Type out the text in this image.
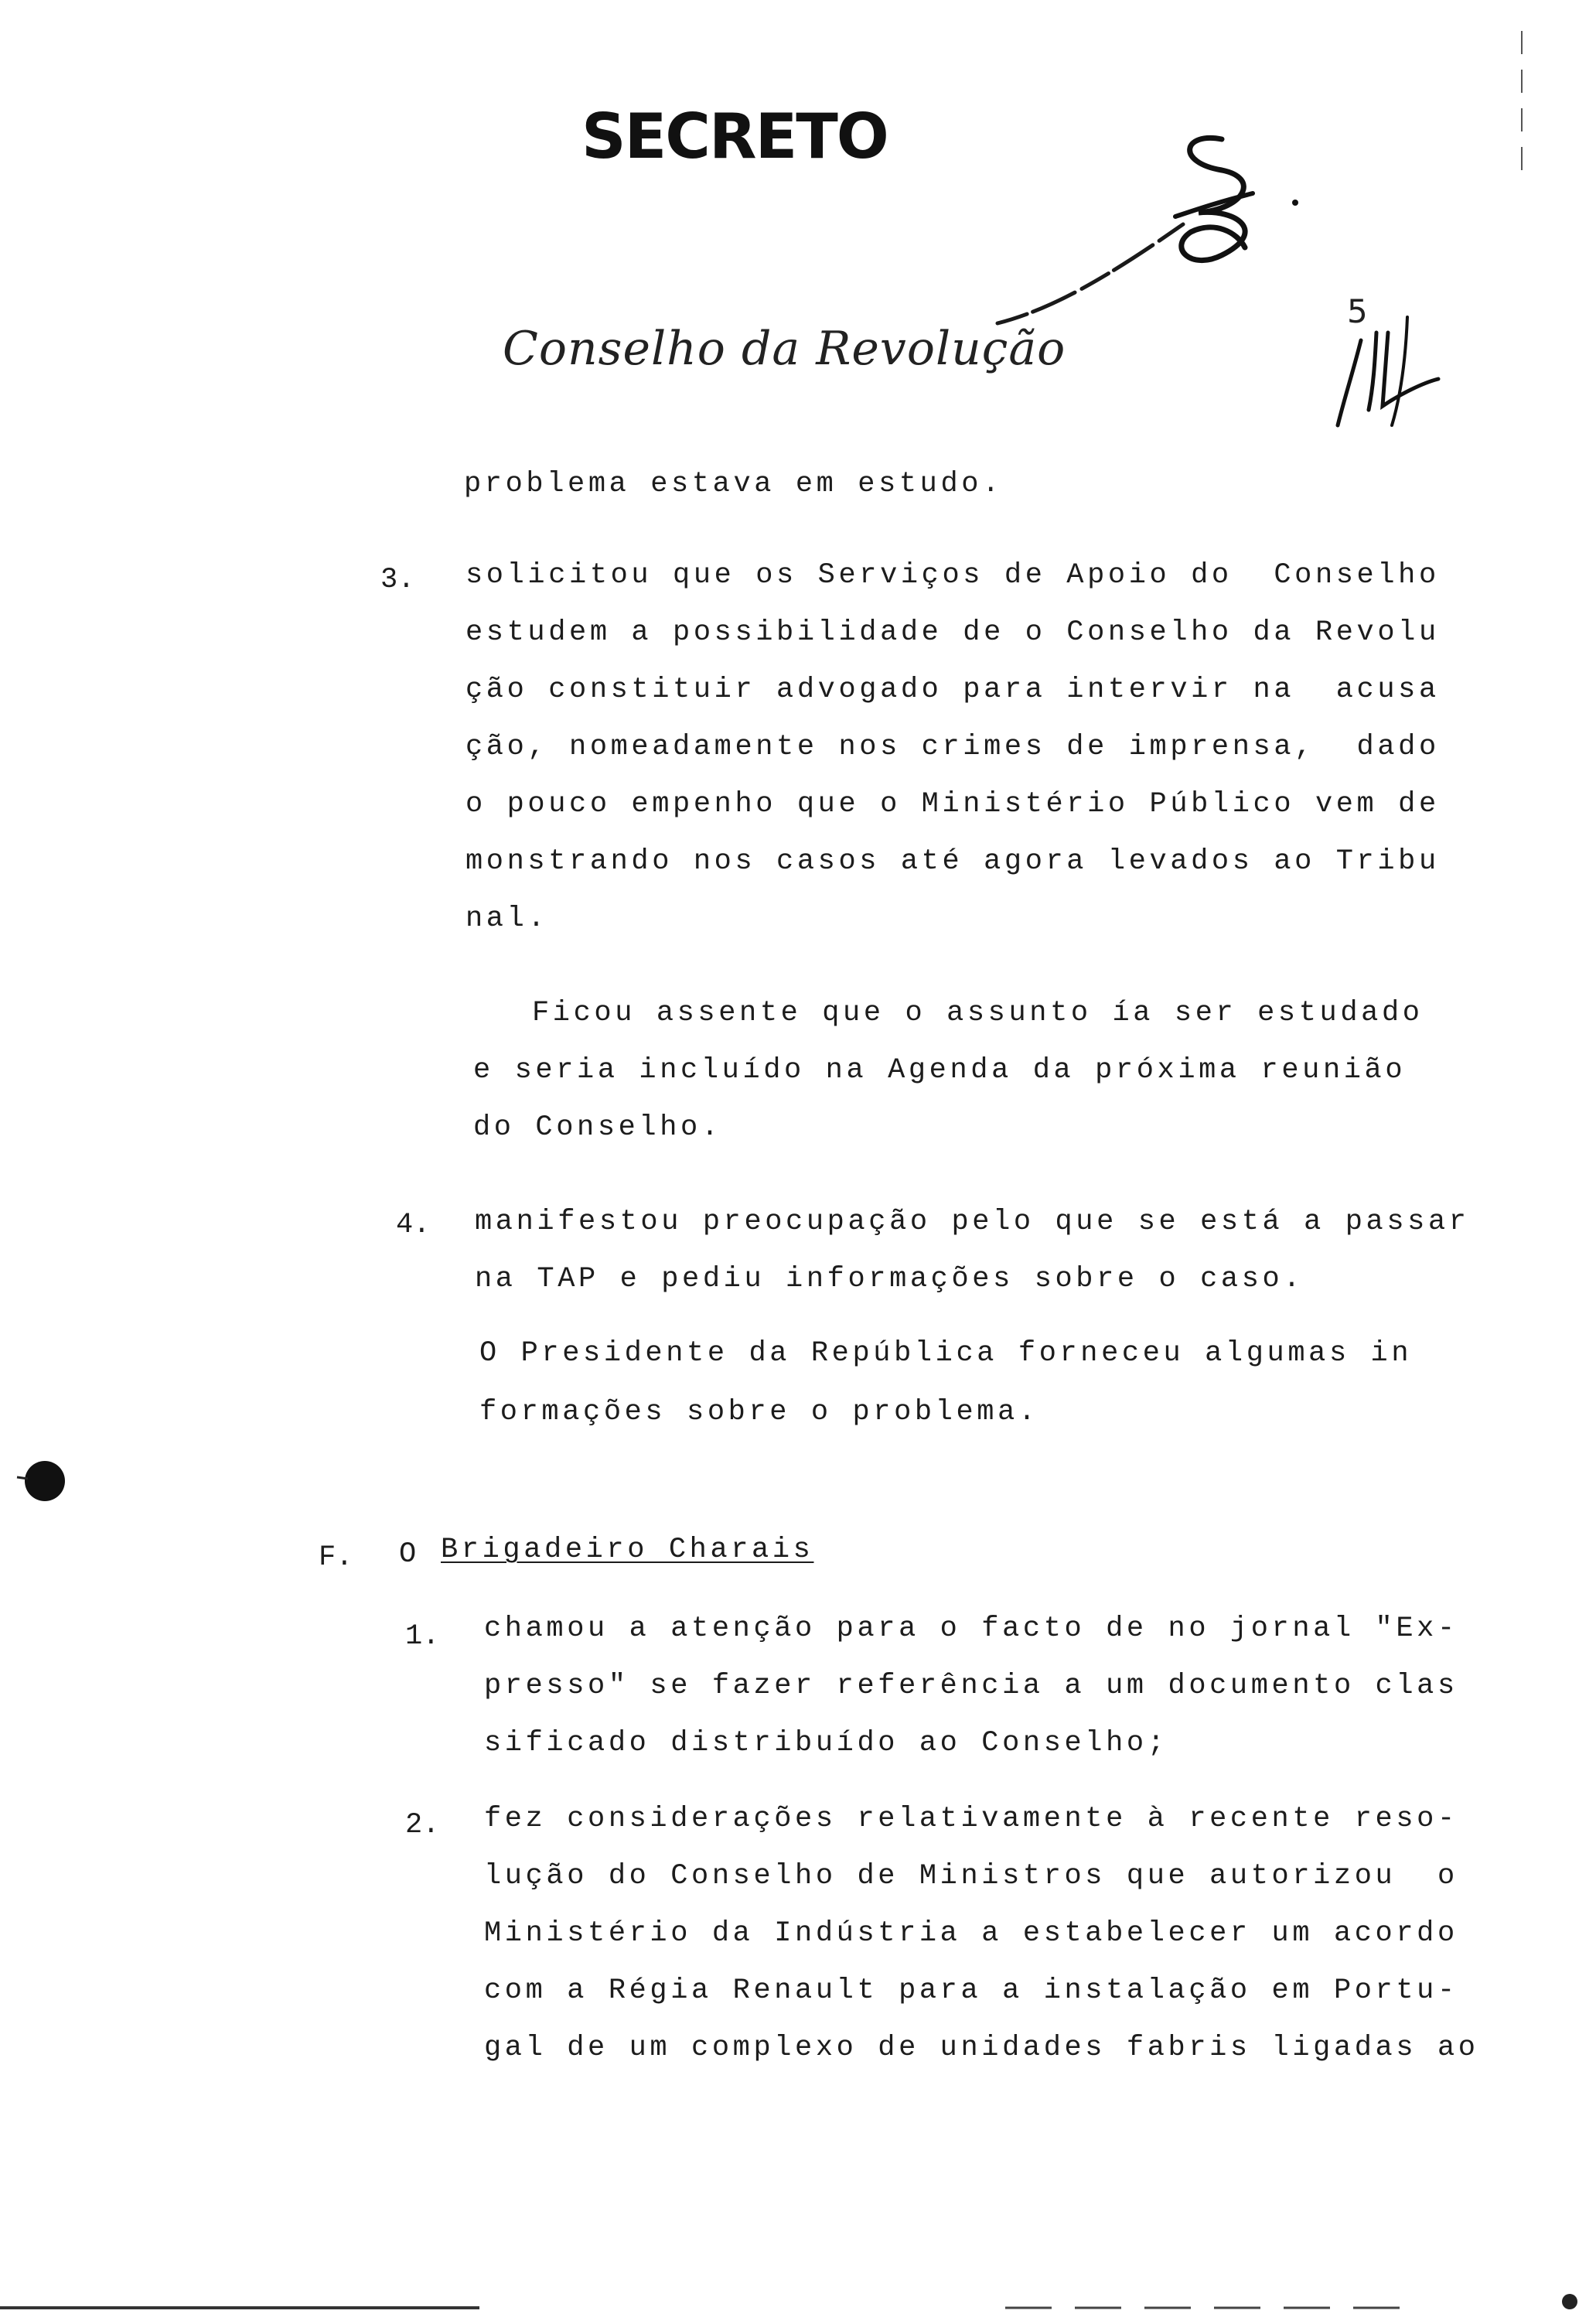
SECRETO
Conselho da Revolução
5
problema estava em estudo.
3. solicitou que os Serviços de Apoio do  Conselho
estudem a possibilidade de o Conselho da Revolu
ção constituir advogado para intervir na  acusa
ção, nomeadamente nos crimes de imprensa,  dado
o pouco empenho que o Ministério Público vem de
monstrando nos casos até agora levados ao Tribu
nal.
Ficou assente que o assunto ía ser estudado
e seria incluído na Agenda da próxima reunião
do Conselho.
4. manifestou preocupação pelo que se está a passar
na TAP e pediu informações sobre o caso.
O Presidente da República forneceu algumas in
formações sobre o problema.
F. O Brigadeiro Charais
1. chamou a atenção para o facto de no jornal "Ex-
presso" se fazer referência a um documento clas
sificado distribuído ao Conselho;
2. fez considerações relativamente à recente reso-
lução do Conselho de Ministros que autorizou  o
Ministério da Indústria a estabelecer um acordo
com a Régia Renault para a instalação em Portu-
gal de um complexo de unidades fabris ligadas ao
